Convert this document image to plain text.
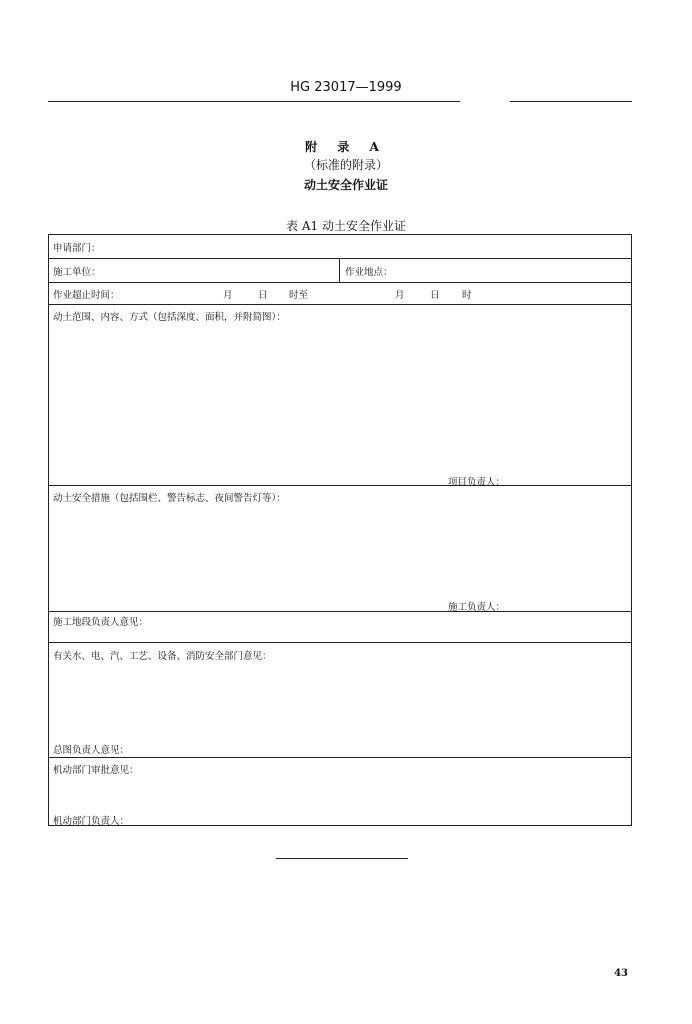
HG 23017—1999
附 录 A
（标准的附录）
动土安全作业证
表 A1 动土安全作业证
申请部门：
施工单位：	作业地点：
作业超止时间：	月	日 时至	月	日 时
动土范围、内容、方式（包括深度、面积，并附简图）：
项目负责人：
动土安全措施（包括围栏、警告标志、夜间警告灯等）：
施工负责人：
施工地段负责人意见：
有关水、电、汽、工艺、设备、消防安全部门意见：
总图负责人意见：
机动部门审批意见：
机动部门负责人：
43
